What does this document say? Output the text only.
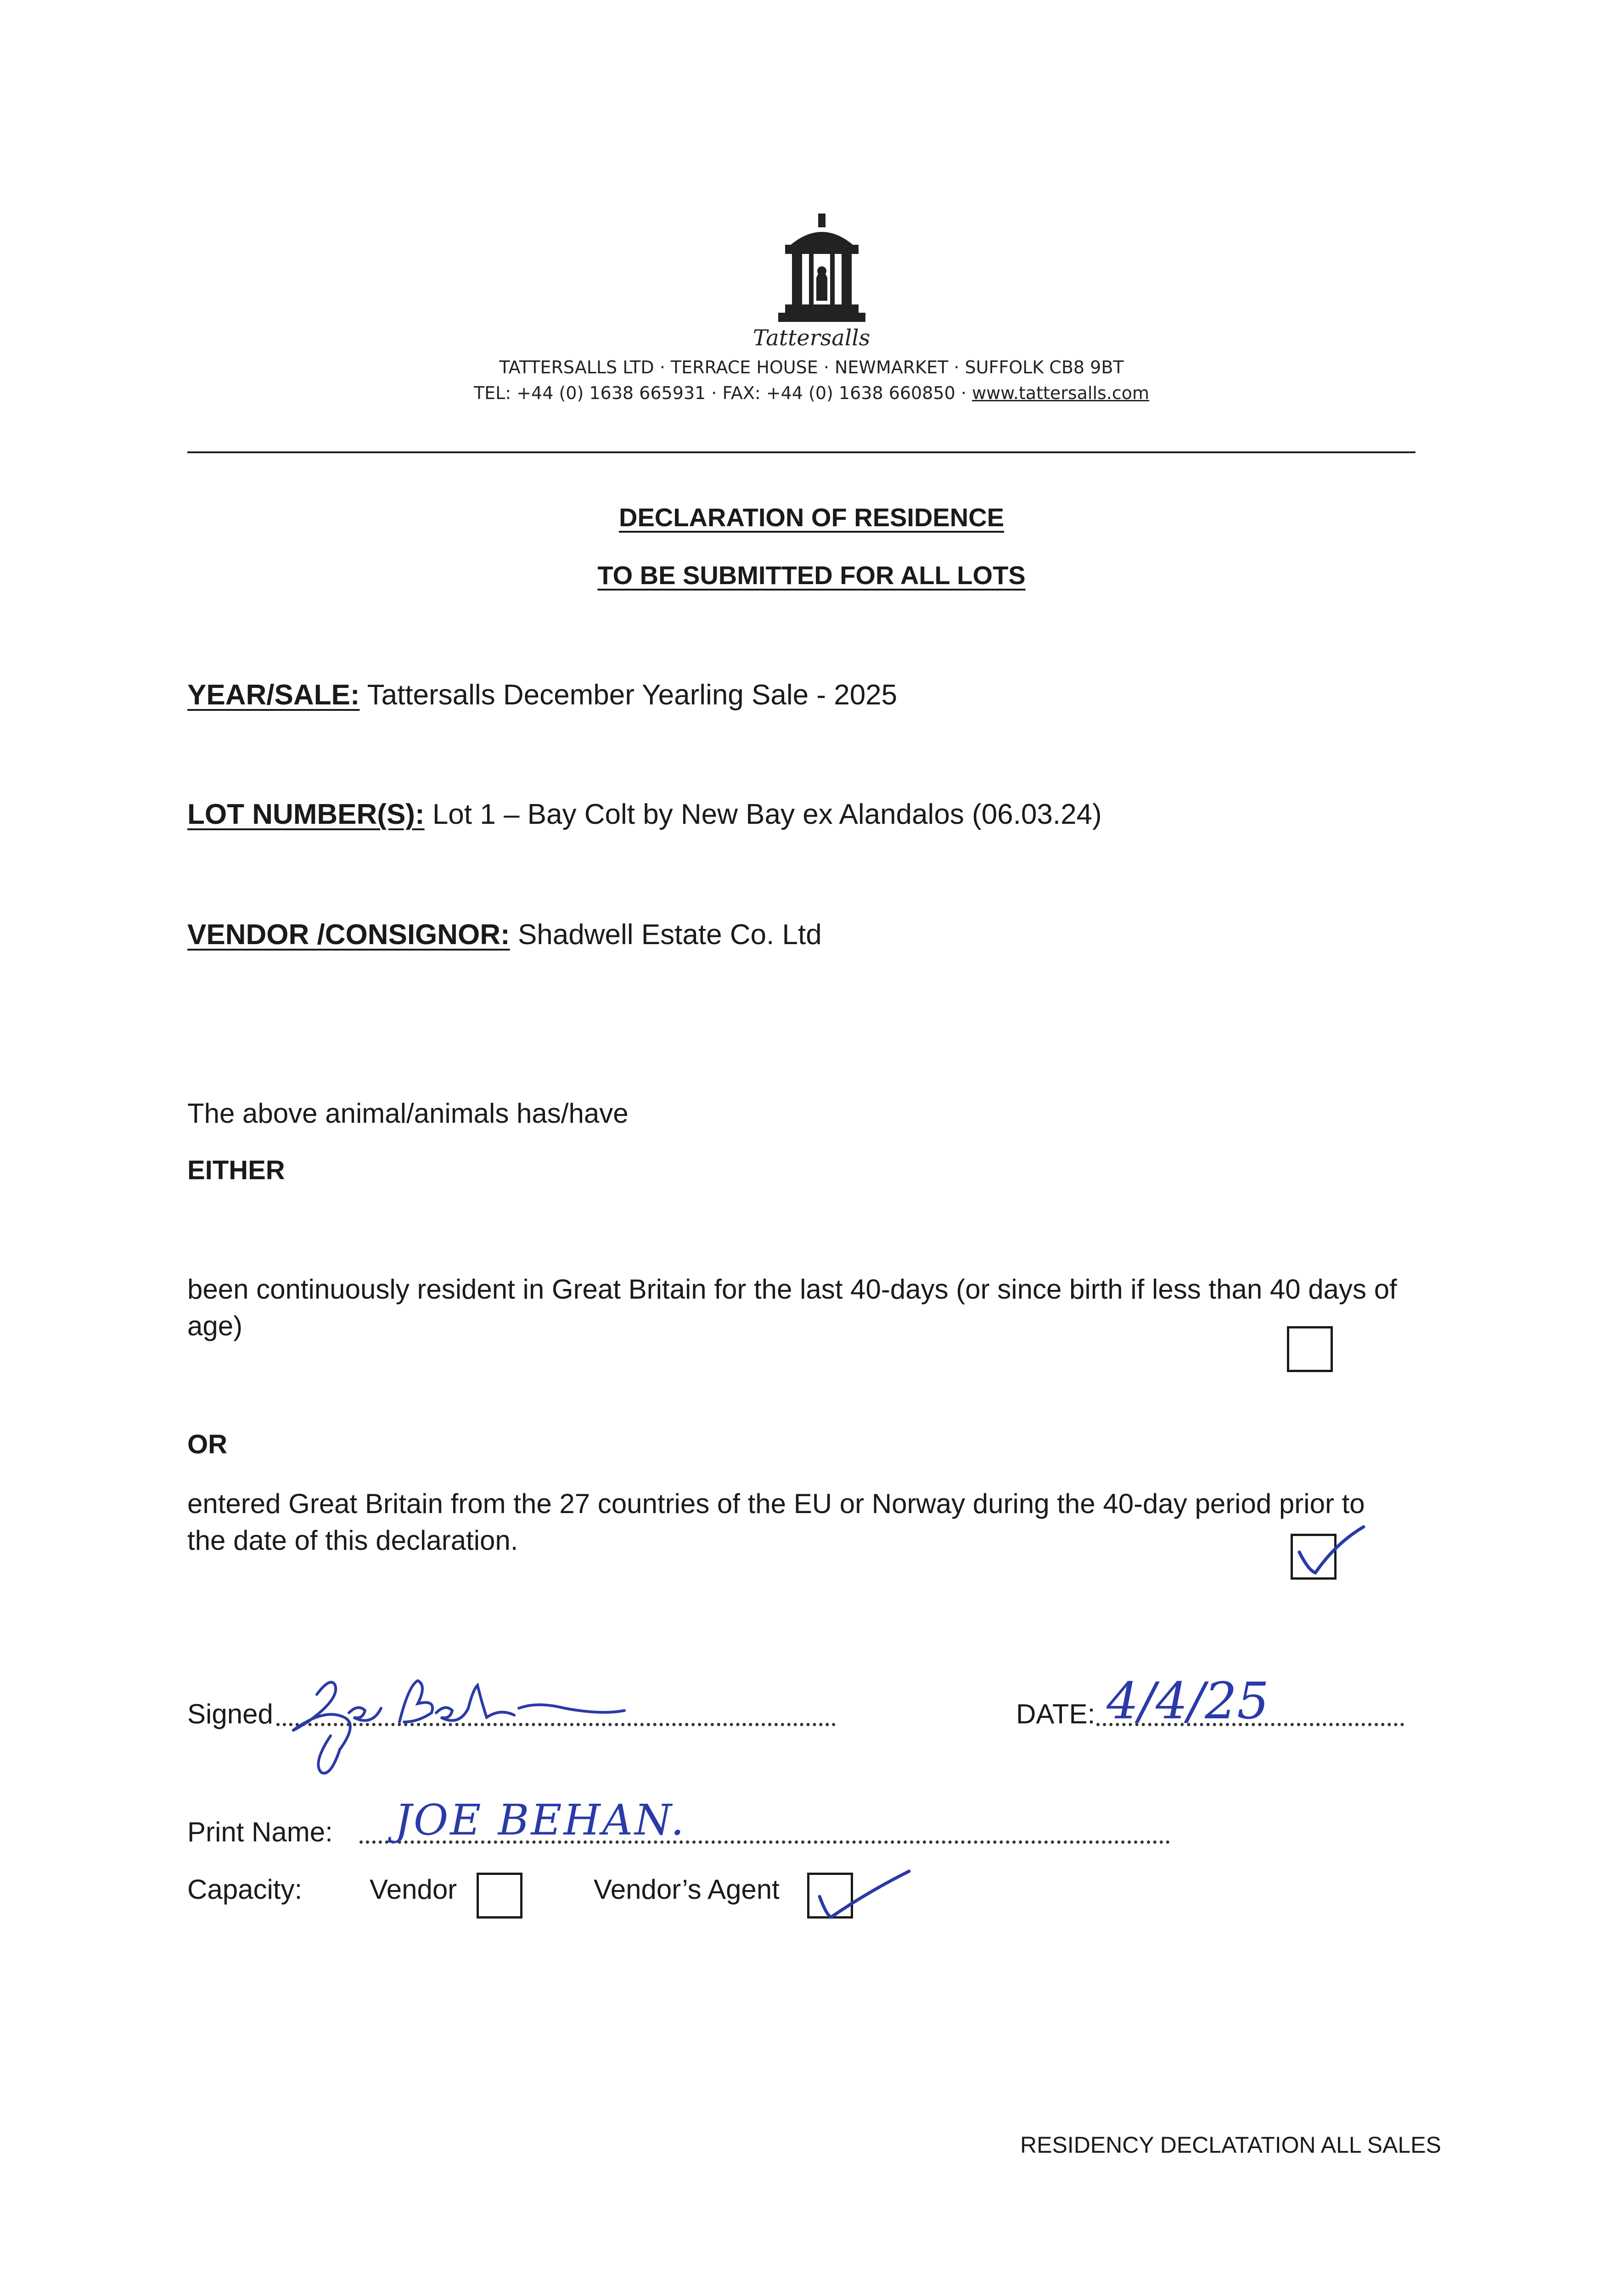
Tattersalls
TATTERSALLS LTD · TERRACE HOUSE · NEWMARKET · SUFFOLK CB8 9BT
TEL: +44 (0) 1638 665931 · FAX: +44 (0) 1638 660850 · www.tattersalls.com
DECLARATION OF RESIDENCE
TO BE SUBMITTED FOR ALL LOTS
YEAR/SALE: Tattersalls December Yearling Sale - 2025
LOT NUMBER(S): Lot 1 – Bay Colt by New Bay ex Alandalos (06.03.24)
VENDOR /CONSIGNOR: Shadwell Estate Co. Ltd
The above animal/animals has/have
EITHER
been continuously resident in Great Britain for the last 40-days (or since birth if less than 40 days of
age)
OR
entered Great Britain from the 27 countries of the EU or Norway during the 40-day period prior to
the date of this declaration.
Signed	DATE: 4/4/25
Print Name: JOE BEHAN.
Capacity: Vendor	Vendor’s Agent
RESIDENCY DECLATATION ALL SALES
